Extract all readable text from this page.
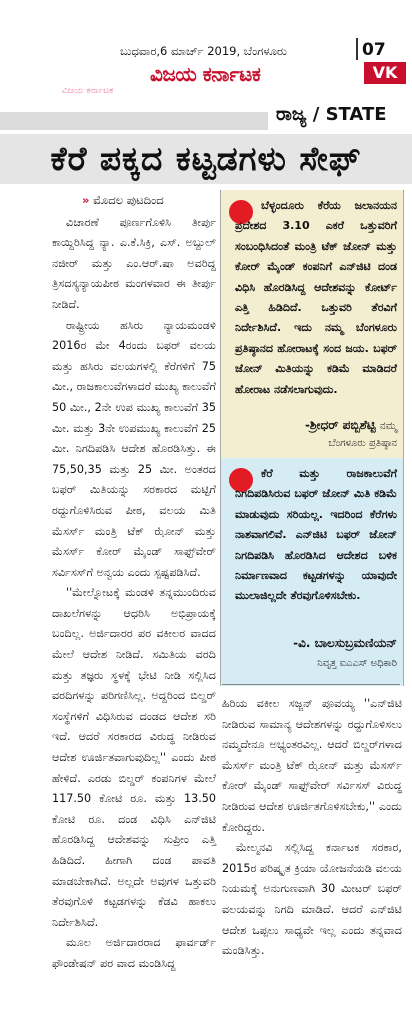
ಬುಧವಾರ,6 ಮಾರ್ಚ್ 2019, ಬೆಂಗಳೂರು	07
ವಿಜಯ ಕರ್ನಾಟಕ	VK
ವಿಜಯ ಕರ್ನಾಟಕ
ರಾಜ್ಯ / STATE
ಕೆರೆ ಪಕ್ಕದ ಕಟ್ಟಡಗಳು ಸೇಫ್
» ಮೊದಲ ಪುಟದಿಂದ

ವಿಚಾರಣೆ ಪೂರ್ಣಗೊಳಿಸಿ ತೀರ್ಪು ಕಾಯ್ದಿರಿಸಿದ್ದ ನ್ಯಾ. ಎ.ಕೆ.ಸಿಕ್ರಿ, ಎಸ್. ಅಬ್ದುಲ್ ನಜೀರ್ ಮತ್ತು ಎಂ.ಆರ್.ಷಾ ಅವರಿದ್ದ ತ್ರಿಸದಸ್ಯನ್ಯಾಯಪೀಠ ಮಂಗಳವಾರ ಈ ತೀರ್ಪು ನೀಡಿದೆ.

ರಾಷ್ಟ್ರೀಯ ಹಸಿರು ನ್ಯಾಯಮಂಡಳಿ 2016ರ ಮೇ 4ರಂದು ಬಫರ್ ವಲಯ ಮತ್ತು ಹಸಿರು ವಲಯಗಳಲ್ಲಿ ಕೆರೆಗಳಿಗೆ 75 ಮೀ., ರಾಜಕಾಲುವೆಗಳಾದರೆ ಮುಖ್ಯ ಕಾಲುವೆಗೆ 50 ಮೀ., 2ನೇ ಉಪ ಮುಖ್ಯ ಕಾಲುವೆಗೆ 35 ಮೀ. ಮತ್ತು 3ನೇ ಉಪಮುಖ್ಯ ಕಾಲುವೆಗೆ 25 ಮೀ. ನಿಗದಿಪಡಿಸಿ ಆದೇಶ ಹೊರಡಿಸಿತ್ತು. ಈ 75,50,35 ಮತ್ತು 25 ಮೀ. ಅಂತರದ ಬಫರ್ ಮಿತಿಯನ್ನು ಸರಕಾರದ ಮಟ್ಟಿಗೆ ರದ್ದುಗೊಳಿಸಿರುವ ಪೀಠ, ವಲಯ ಮಿತಿ ಮೆಸರ್ಸ್ ಮಂತ್ರಿ ಟೆಕ್ ಝೋನ್ ಮತ್ತು ಮೆಸರ್ಸ್ ಕೋರ್ ಮೈಂಡ್ ಸಾಫ್ಟ್‌ವೇರ್ ಸರ್ವಿಸಸ್‌ಗೆ ಅನ್ವಯ ಎಂದು ಸ್ಪಷ್ಟಪಡಿಸಿದೆ.

''ಮೇಲ್ನೋಟಕ್ಕೆ ಮಂಡಳಿ ತನ್ನಮುಂದಿರುವ ದಾಖಲೆಗಳನ್ನು ಆಧರಿಸಿ ಅಭಿಪ್ರಾಯಕ್ಕೆ ಬಂದಿಲ್ಲ. ಅರ್ಜಿದಾರರ ಪರ ವಕೀಲರ ವಾದದ ಮೇಲೆ ಆದೇಶ ನೀಡಿದೆ. ಸಮಿತಿಯ ವರದಿ ಮತ್ತು ತಜ್ಞರು ಸ್ಥಳಕ್ಕೆ ಭೇಟಿ ನೀಡಿ ಸಲ್ಲಿಸಿದ ವರದಿಗಳನ್ನು ಪರಿಗಣಿಸಿಲ್ಲ. ಅದ್ದರಿಂದ ಬಿಲ್ಡರ್ ಸಂಸ್ಥೆಗಳಿಗೆ ವಿಧಿಸಿರುವ ದಂಡದ ಆದೇಶ ಸರಿ ಇದೆ. ಆದರೆ ಸರಕಾರದ ವಿರುದ್ಧ ನೀಡಿರುವ ಆದೇಶ ಊರ್ಜಿತವಾಗುವುದಿಲ್ಲ'' ಎಂದು ಪೀಠ ಹೇಳಿದೆ. ಎರಡು ಬಿಲ್ಡರ್ ಕಂಪನಿಗಳ ಮೇಲೆ 117.50 ಕೋಟಿ ರೂ. ಮತ್ತು 13.50 ಕೋಟಿ ರೂ. ದಂಡ ವಿಧಿಸಿ ಎನ್‌ಜಿಟಿ ಹೊರಡಿಸಿದ್ದ ಆದೇಶವನ್ನು ಸುಪ್ರೀಂ ಎತ್ತಿ ಹಿಡಿದಿದೆ. ಹೀಗಾಗಿ ದಂಡ ಪಾವತಿ ಮಾಡಬೇಕಾಗಿದೆ. ಅಲ್ಲದೇ ಅವುಗಳ ಒತ್ತುವರಿ ತೆರವುಗೊಳಿ ಕಟ್ಟಡಗಳನ್ನು ಕೆಡವಿ ಹಾಕಲು ನಿರ್ದೇಶಿಸಿದೆ.

ಮೂಲ ಅರ್ಜಿದಾರರಾದ ಫಾರ್ವರ್ಡ್ ಫೌಂಡೇಷನ್ ಪರ ವಾದ ಮಂಡಿಸಿದ್ದ

ಬೆಳ್ಳಂದೂರು ಕೆರೆಯ ಜಲಾನಯನ ಪ್ರದೇಶದ 3.10 ಎಕರೆ ಒತ್ತುವರಿಗೆ ಸಂಬಂಧಿಸಿದಂತೆ ಮಂತ್ರಿ ಟೆಕ್ ಜೋನ್ ಮತ್ತು ಕೋರ್ ಮೈಂಡ್ ಕಂಪನಿಗೆ ಎನ್‌ಜಿಟಿ ದಂಡ ವಿಧಿಸಿ ಹೊರಡಿಸಿದ್ದ ಆದೇಶವನ್ನು ಕೋರ್ಟ್ ಎತ್ತಿ ಹಿಡಿದಿದೆ. ಒತ್ತುವರಿ ತೆರವಿಗೆ ನಿರ್ದೇಶಿಸಿದೆ. ಇದು ನಮ್ಮ ಬೆಂಗಳೂರು ಪ್ರತಿಷ್ಠಾನದ ಹೋರಾಟಕ್ಕೆ ಸಂದ ಜಯ. ಬಫರ್ ಜೋನ್ ಮಿತಿಯನ್ನು ಕಡಿಮೆ ಮಾಡಿದರೆ ಹೋರಾಟ ನಡೆಸಲಾಗುವುದು.
-ಶ್ರೀಧರ್ ಪಬ್ಬಿಶೆಟ್ಟಿ ನಮ್ಮ
ಬೆಂಗಳೂರು ಪ್ರತಿಷ್ಠಾನ
ಕೆರೆ ಮತ್ತು ರಾಜಕಾಲುವೆಗೆ ನಿಗದಿಪಡಿಸಿರುವ ಬಫರ್ ಜೋನ್ ಮಿತಿ ಕಡಿಮೆ ಮಾಡುವುದು ಸರಿಯಲ್ಲ. ಇದರಿಂದ ಕೆರೆಗಳು ನಾಶವಾಗಲಿವೆ. ಎನ್‌ಜಿಟಿ ಬಫರ್ ಜೋನ್ ನಿಗದಿಪಡಿಸಿ ಹೊರಡಿಸಿದ ಆದೇಶದ ಬಳಿಕ ನಿರ್ಮಾಣವಾದ ಕಟ್ಟಡಗಳನ್ನು ಯಾವುದೇ ಮುಲಾಜಿಲ್ಲದೇ ತೆರವುಗೊಳಿಸಬೇಕು.
-ವಿ. ಬಾಲಸುಬ್ರಮಣಿಯನ್
ನಿವೃತ್ತ ಐಎಎಸ್ ಅಧಿಕಾರಿ

ಹಿರಿಯ ವಕೀಲ ಸಜ್ಜನ್ ಪೂವಯ್ಯ ''ಎನ್‌ಜಿಟಿ ನೀಡಿರುವ ಸಾಮಾನ್ಯ ಆದೇಶಗಳನ್ನು ರದ್ದುಗೊಳಿಸಲು ನಮ್ಮದೇನೂ ಅಭ್ಯಂತರವಿಲ್ಲ. ಆದರೆ ಬಿಲ್ಡರ್‌ಗಳಾದ ಮೆಸರ್ಸ್ ಮಂತ್ರಿ ಟೆಕ್ ಝೋನ್ ಮತ್ತು ಮೆಸರ್ಸ್ ಕೋರ್ ಮೈಂಡ್ ಸಾಫ್ಟ್‌ವೇರ್ ಸರ್ವಿಸಸ್ ವಿರುದ್ಧ ನೀಡಿರುವ ಆದೇಶ ಊರ್ಜಿತಗೊಳಿಸಬೇಕು,'' ಎಂದು ಕೋರಿದ್ದರು.

ಮೇಲ್ಮನವಿ ಸಲ್ಲಿಸಿದ್ದ ಕರ್ನಾಟಕ ಸರಕಾರ, 2015ರ ಪರಿಷ್ಕೃತ ಕ್ರಿಯಾ ಯೋಜನೆಯಡಿ ವಲಯ ನಿಯಮಕ್ಕೆ ಅನುಗುಣವಾಗಿ 30 ಮೀಟರ್ ಬಫರ್ ವಲಯವನ್ನು ನಿಗದಿ ಮಾಡಿದೆ. ಆದರೆ ಎನ್‌ಜಿಟಿ ಆದೇಶ ಒಪ್ಪಲು ಸಾಧ್ಯವೇ ಇಲ್ಲ ಎಂದು ತನ್ನವಾದ ಮಂಡಿಸಿತ್ತು.
